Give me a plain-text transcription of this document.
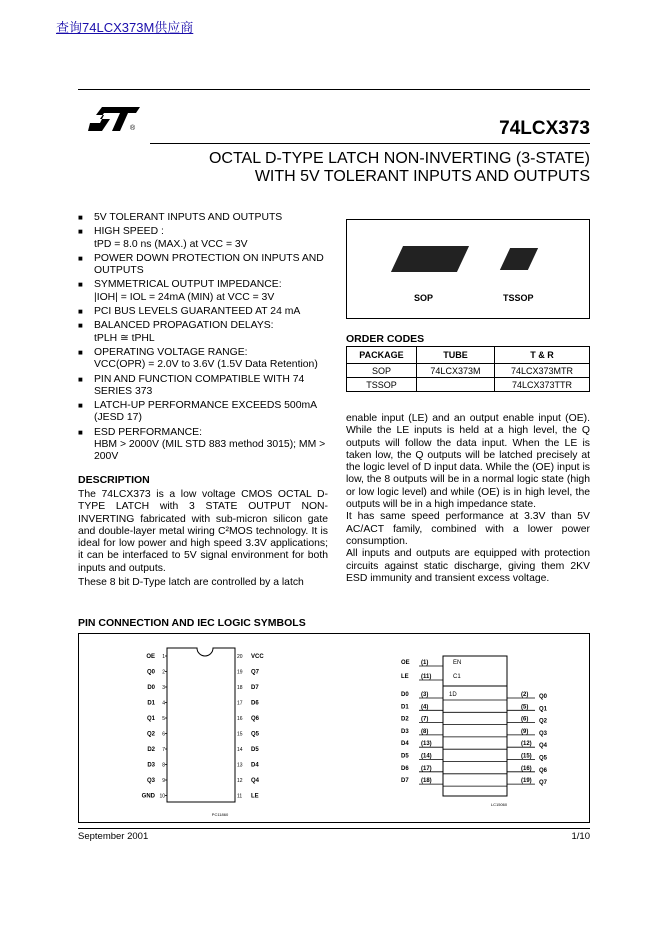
查询74LCX373M供应商
®	74LCX373
OCTAL D-TYPE LATCH NON-INVERTING (3-STATE)
WITH 5V TOLERANT INPUTS AND OUTPUTS
■ 5V TOLERANT INPUTS AND OUTPUTS
■ HIGH SPEED :
tPD = 8.0 ns (MAX.) at VCC = 3V
■ POWER DOWN PROTECTION ON INPUTS AND OUTPUTS
■ SYMMETRICAL OUTPUT IMPEDANCE:
|IOH| = IOL = 24mA (MIN) at VCC = 3V
■ PCI BUS LEVELS GUARANTEED AT 24 mA
■ BALANCED PROPAGATION DELAYS:
tPLH ≅ tPHL
■ OPERATING VOLTAGE RANGE:
VCC(OPR) = 2.0V to 3.6V (1.5V Data Retention)
■ PIN AND FUNCTION COMPATIBLE WITH 74 SERIES 373
■ LATCH-UP PERFORMANCE EXCEEDS 500mA (JESD 17)
■ ESD PERFORMANCE:
HBM > 2000V (MIL STD 883 method 3015); MM > 200V
DESCRIPTION
The 74LCX373 is a low voltage CMOS OCTAL D-TYPE LATCH with 3 STATE OUTPUT NON-INVERTING fabricated with sub-micron silicon gate and double-layer metal wiring C²MOS technology. It is ideal for low power and high speed 3.3V applications; it can be interfaced to 5V signal environment for both inputs and outputs.
These 8 bit D-Type latch are controlled by a latch
PIN CONNECTION AND IEC LOGIC SYMBOLS
SOP	TSSOP
ORDER CODES
PACKAGE	TUBE	T & R
SOP	74LCX373M	74LCX373MTR
TSSOP		74LCX373TTR
enable input (LE) and an output enable input (OE). While the LE inputs is held at a high level, the Q outputs will follow the data input. When the LE is taken low, the Q outputs will be latched precisely at the logic level of D input data. While the (OE) input is low, the 8 outputs will be in a normal logic state (high or low logic level) and while (OE) is in high level, the outputs will be in a high impedance state.
It has same speed performance at 3.3V than 5V AC/ACT family, combined with a lower power consumption.
All inputs and outputs are equipped with protection circuits against static discharge, giving them 2KV ESD immunity and transient excess voltage.
OE 1
Q0 2
D0 3
D1 4
Q1 5
Q2 6
D2 7
D3 8
Q3 9
GND 10
20 VCC
19 Q7
18 D7
17 D6
16 Q6
15 Q5
14 D5
13 D4
12 Q4
11 LE
PC11860
OE (1)	EN
LE (11)	C1
D0 (3)
D1 (4)
D2 (7)
D3 (8)
D4 (13)
D5 (14)
D6 (17)
D7 (18)
1D	(2) Q0
(5) Q1
(6) Q2
(9) Q3
(12) Q4
(15) Q5
(16) Q6
(19) Q7
LC15060
September 2001	1/10
